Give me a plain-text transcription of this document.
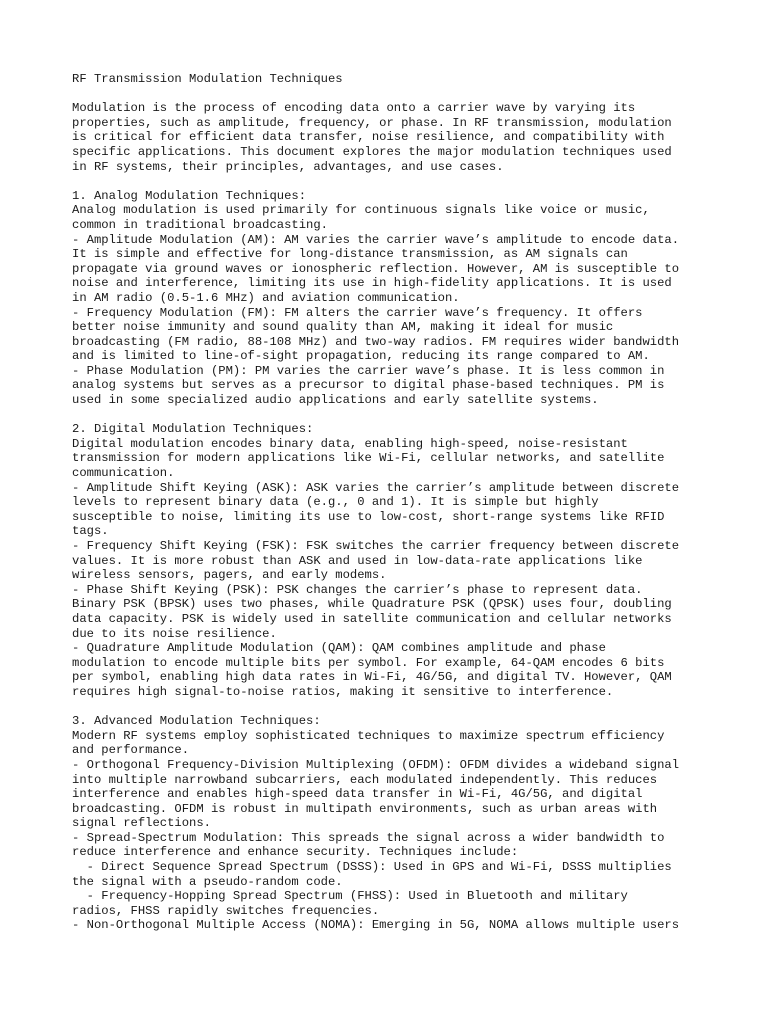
RF Transmission Modulation Techniques
Modulation is the process of encoding data onto a carrier wave by varying its
properties, such as amplitude, frequency, or phase. In RF transmission, modulation
is critical for efficient data transfer, noise resilience, and compatibility with
specific applications. This document explores the major modulation techniques used
in RF systems, their principles, advantages, and use cases.
1. Analog Modulation Techniques:
Analog modulation is used primarily for continuous signals like voice or music,
common in traditional broadcasting.
- Amplitude Modulation (AM): AM varies the carrier wave’s amplitude to encode data.
It is simple and effective for long-distance transmission, as AM signals can
propagate via ground waves or ionospheric reflection. However, AM is susceptible to
noise and interference, limiting its use in high-fidelity applications. It is used
in AM radio (0.5-1.6 MHz) and aviation communication.
- Frequency Modulation (FM): FM alters the carrier wave’s frequency. It offers
better noise immunity and sound quality than AM, making it ideal for music
broadcasting (FM radio, 88-108 MHz) and two-way radios. FM requires wider bandwidth
and is limited to line-of-sight propagation, reducing its range compared to AM.
- Phase Modulation (PM): PM varies the carrier wave’s phase. It is less common in
analog systems but serves as a precursor to digital phase-based techniques. PM is
used in some specialized audio applications and early satellite systems.
2. Digital Modulation Techniques:
Digital modulation encodes binary data, enabling high-speed, noise-resistant
transmission for modern applications like Wi-Fi, cellular networks, and satellite
communication.
- Amplitude Shift Keying (ASK): ASK varies the carrier’s amplitude between discrete
levels to represent binary data (e.g., 0 and 1). It is simple but highly
susceptible to noise, limiting its use to low-cost, short-range systems like RFID
tags.
- Frequency Shift Keying (FSK): FSK switches the carrier frequency between discrete
values. It is more robust than ASK and used in low-data-rate applications like
wireless sensors, pagers, and early modems.
- Phase Shift Keying (PSK): PSK changes the carrier’s phase to represent data.
Binary PSK (BPSK) uses two phases, while Quadrature PSK (QPSK) uses four, doubling
data capacity. PSK is widely used in satellite communication and cellular networks
due to its noise resilience.
- Quadrature Amplitude Modulation (QAM): QAM combines amplitude and phase
modulation to encode multiple bits per symbol. For example, 64-QAM encodes 6 bits
per symbol, enabling high data rates in Wi-Fi, 4G/5G, and digital TV. However, QAM
requires high signal-to-noise ratios, making it sensitive to interference.
3. Advanced Modulation Techniques:
Modern RF systems employ sophisticated techniques to maximize spectrum efficiency
and performance.
- Orthogonal Frequency-Division Multiplexing (OFDM): OFDM divides a wideband signal
into multiple narrowband subcarriers, each modulated independently. This reduces
interference and enables high-speed data transfer in Wi-Fi, 4G/5G, and digital
broadcasting. OFDM is robust in multipath environments, such as urban areas with
signal reflections.
- Spread-Spectrum Modulation: This spreads the signal across a wider bandwidth to
reduce interference and enhance security. Techniques include:
- Direct Sequence Spread Spectrum (DSSS): Used in GPS and Wi-Fi, DSSS multiplies
the signal with a pseudo-random code.
- Frequency-Hopping Spread Spectrum (FHSS): Used in Bluetooth and military
radios, FHSS rapidly switches frequencies.
- Non-Orthogonal Multiple Access (NOMA): Emerging in 5G, NOMA allows multiple users
